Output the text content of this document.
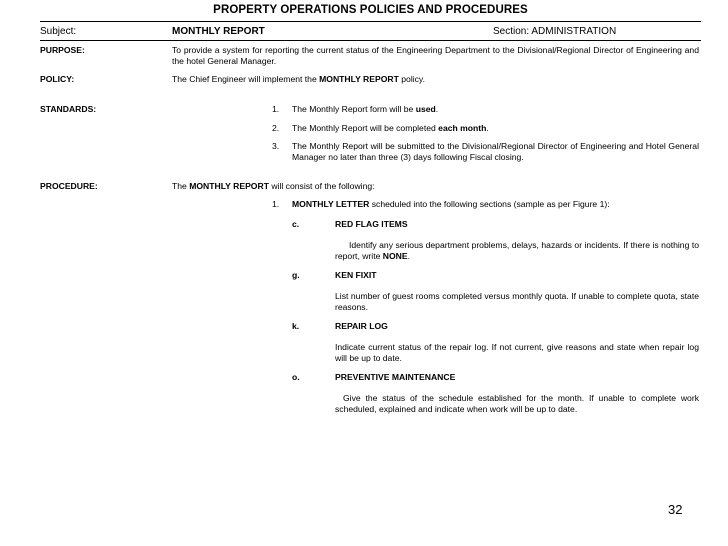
PROPERTY OPERATIONS POLICIES AND PROCEDURES
Subject:	MONTHLY REPORT	Section: ADMINISTRATION
PURPOSE:	To provide a system for reporting the current status of the Engineering Department to the Divisional/Regional Director of Engineering and the hotel General Manager.
POLICY:	The Chief Engineer will implement the MONTHLY REPORT policy.
STANDARDS:	1. The Monthly Report form will be used.
2. The Monthly Report will be completed each month.
3. The Monthly Report will be submitted to the Divisional/Regional Director of Engineering and Hotel General Manager no later than three (3) days following Fiscal closing.
PROCEDURE:	The MONTHLY REPORT will consist of the following:
1. MONTHLY LETTER scheduled into the following sections (sample as per Figure 1):
c.	RED FLAG ITEMS
Identify any serious department problems, delays, hazards or incidents. If there is nothing to report, write NONE.
g.	KEN FIXIT
List number of guest rooms completed versus monthly quota. If unable to complete quota, state reasons.
k.	REPAIR LOG
Indicate current status of the repair log. If not current, give reasons and state when repair log will be up to date.
o.	PREVENTIVE MAINTENANCE
Give the status of the schedule established for the month. If unable to complete work scheduled, explained and indicate when work will be up to date.
32
